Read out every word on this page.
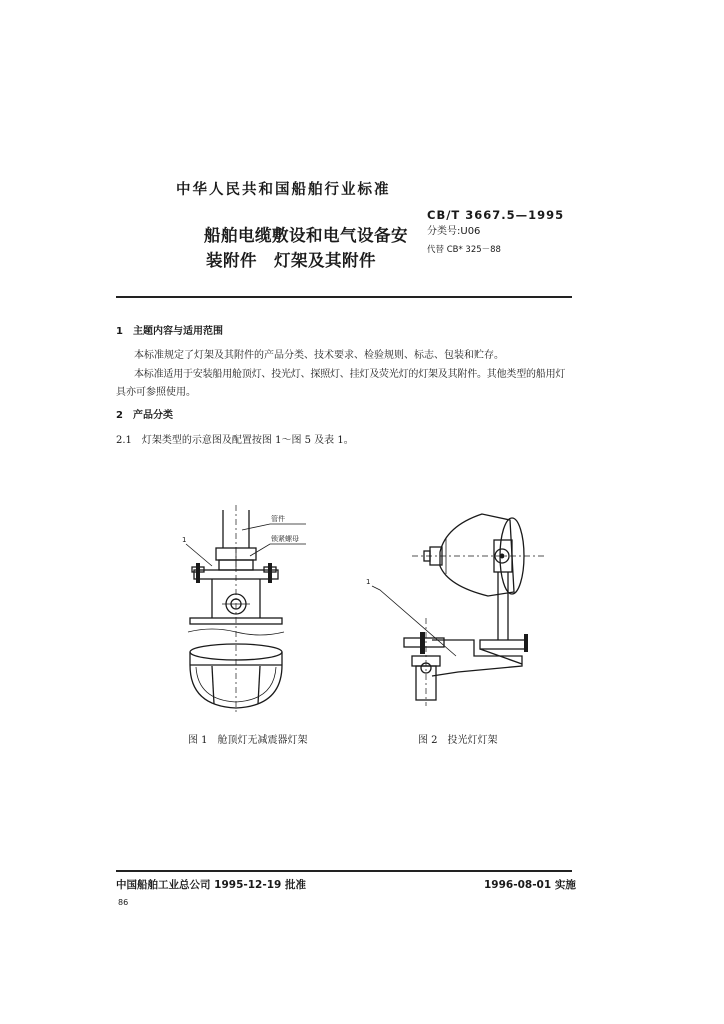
中华人民共和国船舶行业标准
船舶电缆敷设和电气设备安
装附件　灯架及其附件
CB/T 3667.5—1995
分类号:U06
代替 CB* 325－88
1　主题内容与适用范围
本标准规定了灯架及其附件的产品分类、技术要求、检验规则、标志、包装和贮存。
本标准适用于安装船用舱顶灯、投光灯、探照灯、挂灯及荧光灯的灯架及其附件。其他类型的船用灯
具亦可参照使用。
2　产品分类
2.1　灯架类型的示意图及配置按图 1～图 5 及表 1。
管件
锁紧螺母
1
1
图 1　舱顶灯无减震器灯架	图 2　投光灯灯架
中国船舶工业总公司 1995-12-19 批准	1996-08-01 实施
86
